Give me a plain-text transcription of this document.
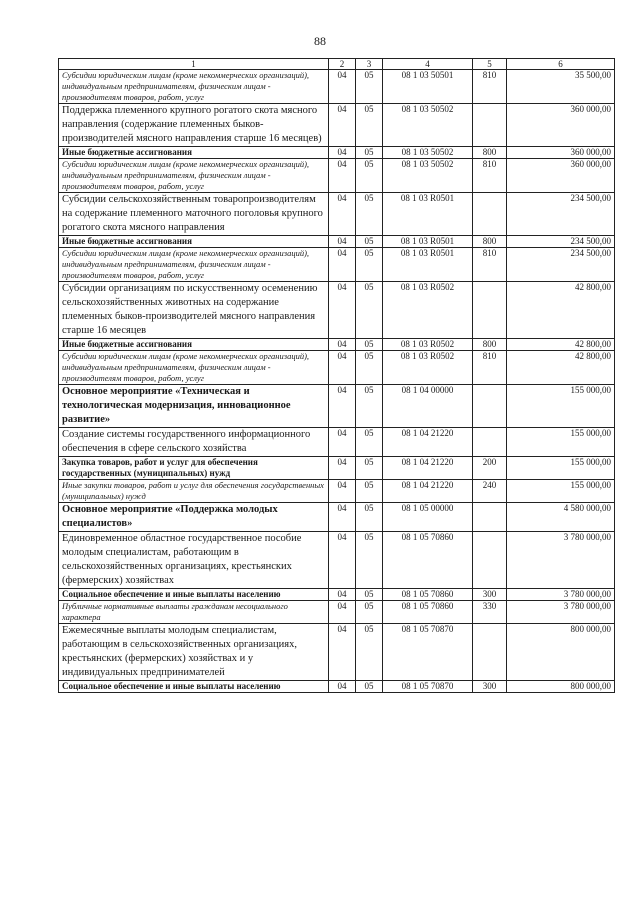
88
1	2	3	4	5	6
Субсидии юридическим лицам (кроме некоммерческих организаций), индивидуальным предпринимателям, физическим лицам - производителям товаров, работ, услуг	04	05	08 1 03 50501	810	35 500,00
Поддержка племенного крупного рогатого скота мясного направления (содержание племенных быков-производителей мясного направления старше 16 месяцев)	04	05	08 1 03 50502		360 000,00
Иные бюджетные ассигнования	04	05	08 1 03 50502	800	360 000,00
Субсидии юридическим лицам (кроме некоммерческих организаций), индивидуальным предпринимателям, физическим лицам - производителям товаров, работ, услуг	04	05	08 1 03 50502	810	360 000,00
Субсидии сельскохозяйственным товаропроизводителям на содержание племенного маточного поголовья крупного рогатого скота мясного направления	04	05	08 1 03 R0501		234 500,00
Иные бюджетные ассигнования	04	05	08 1 03 R0501	800	234 500,00
Субсидии юридическим лицам (кроме некоммерческих организаций), индивидуальным предпринимателям, физическим лицам - производителям товаров, работ, услуг	04	05	08 1 03 R0501	810	234 500,00
Субсидии организациям по искусственному осеменению сельскохозяйственных животных на содержание племенных быков-производителей мясного направления старше 16 месяцев	04	05	08 1 03 R0502		42 800,00
Иные бюджетные ассигнования	04	05	08 1 03 R0502	800	42 800,00
Субсидии юридическим лицам (кроме некоммерческих организаций), индивидуальным предпринимателям, физическим лицам - производителям товаров, работ, услуг	04	05	08 1 03 R0502	810	42 800,00
Основное мероприятие «Техническая и технологическая модернизация, инновационное развитие»	04	05	08 1 04 00000		155 000,00
Создание системы государственного информационного обеспечения в сфере сельского хозяйства	04	05	08 1 04 21220		155 000,00
Закупка товаров, работ и услуг для обеспечения государственных (муниципальных) нужд	04	05	08 1 04 21220	200	155 000,00
Иные закупки товаров, работ и услуг для обеспечения государственных (муниципальных) нужд	04	05	08 1 04 21220	240	155 000,00
Основное мероприятие «Поддержка молодых специалистов»	04	05	08 1 05 00000		4 580 000,00
Единовременное областное государственное пособие молодым специалистам, работающим в сельскохозяйственных организациях, крестьянских (фермерских) хозяйствах	04	05	08 1 05 70860		3 780 000,00
Социальное обеспечение и иные выплаты населению	04	05	08 1 05 70860	300	3 780 000,00
Публичные нормативные выплаты гражданам несоциального характера	04	05	08 1 05 70860	330	3 780 000,00
Ежемесячные выплаты молодым специалистам, работающим в сельскохозяйственных организациях, крестьянских (фермерских) хозяйствах и у индивидуальных предпринимателей	04	05	08 1 05 70870		800 000,00
Социальное обеспечение и иные выплаты населению	04	05	08 1 05 70870	300	800 000,00
